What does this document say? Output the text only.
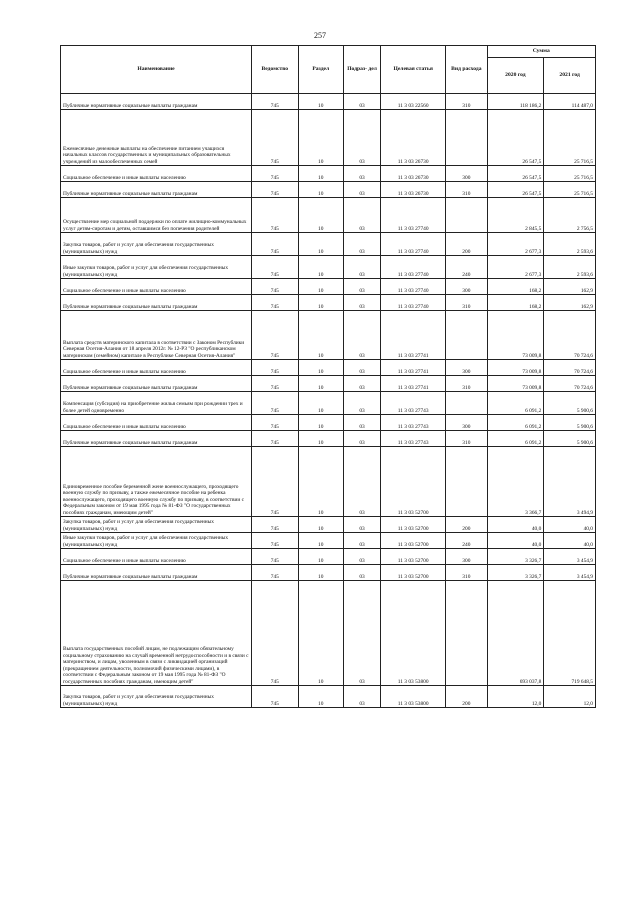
257
Наименование	Ведомство	Раздел	Подраз- дел	Целевая статья	Вид расхода	Сумма	
						2020 год	2021 год
Публичные нормативные социальные выплаты гражданам	745	10	03	11 3 03 22560	310	118 186,2	114 487,0
Ежемесячные денежные выплаты на обеспечение питанием учащихся начальных классов государственных и муниципальных образовательных учреждений из малообеспеченных семей	745	10	03	11 3 03 26730		26 547,5	25 716,5
Социальное обеспечение и иные выплаты населению	745	10	03	11 3 03 26730	300	26 547,5	25 716,5
Публичные нормативные социальные выплаты гражданам	745	10	03	11 3 03 26730	310	26 547,5	25 716,5
Осуществление мер социальной поддержки по оплате жилищно-коммунальных услуг детям-сиротам и детям, оставшимся без попечения родителей	745	10	03	11 3 03 27740		2 845,5	2 756,5
Закупка товаров, работ и услуг для обеспечения государственных (муниципальных) нужд	745	10	03	11 3 03 27740	200	2 677,3	2 593,6
Иные закупки товаров, работ и услуг для обеспечения государственных (муниципальных) нужд	745	10	03	11 3 03 27740	240	2 677,3	2 593,6
Социальное обеспечение и иные выплаты населению	745	10	03	11 3 03 27740	300	168,2	162,9
Публичные нормативные социальные выплаты гражданам	745	10	03	11 3 03 27740	310	168,2	162,9
Выплата средств материнского капитала в соответствии с Законом Республики Северная Осетия-Алания от 18 апреля 2012г. № 12-РЗ "О республиканском материнском (семейном) капитале в Республике Северная Осетия-Алания"	745	10	03	11 3 03 27741		73 009,8	70 724,6
Социальное обеспечение и иные выплаты населению	745	10	03	11 3 03 27741	300	73 009,8	70 724,6
Публичные нормативные социальные выплаты гражданам	745	10	03	11 3 03 27741	310	73 009,8	70 724,6
Компенсация (субсидия) на приобретение жилья семьям при рождении трех и более детей одновременно	745	10	03	11 3 03 27743		6 091,2	5 900,6
Социальное обеспечение и иные выплаты населению	745	10	03	11 3 03 27743	300	6 091,2	5 900,6
Публичные нормативные социальные выплаты гражданам	745	10	03	11 3 03 27743	310	6 091,2	5 900,6
Единовременное пособие беременной жене военнослужащего, проходящего военную службу по призыву, а также ежемесячное пособие на ребенка военнослужащего, проходящего военную службу по призыву, в соответствии с Федеральным законом от 19 мая 1995 года № 81-ФЗ "О государственных пособиях гражданам, имеющим детей"	745	10	03	11 3 03 52700		3 366,7	3 494,9
Закупка товаров, работ и услуг для обеспечения государственных (муниципальных) нужд	745	10	03	11 3 03 52700	200	40,0	40,0
Иные закупки товаров, работ и услуг для обеспечения государственных (муниципальных) нужд	745	10	03	11 3 03 52700	240	40,0	40,0
Социальное обеспечение и иные выплаты населению	745	10	03	11 3 03 52700	300	3 326,7	3 454,9
Публичные нормативные социальные выплаты гражданам	745	10	03	11 3 03 52700	310	3 326,7	3 454,9
Выплата государственных пособий лицам, не подлежащим обязательному социальному страхованию на случай временной нетрудоспособности и в связи с материнством, и лицам, уволенным в связи с ликвидацией организаций (прекращением деятельности, полномочий физическими лицами), в соответствии с Федеральным законом от 19 мая 1995 года № 81-ФЗ "О государственных пособиях гражданам, имеющим детей"	745	10	03	11 3 03 53800		693 037,8	719 648,5
Закупка товаров, работ и услуг для обеспечения государственных (муниципальных) нужд	745	10	03	11 3 03 53800	200	12,0	12,0
